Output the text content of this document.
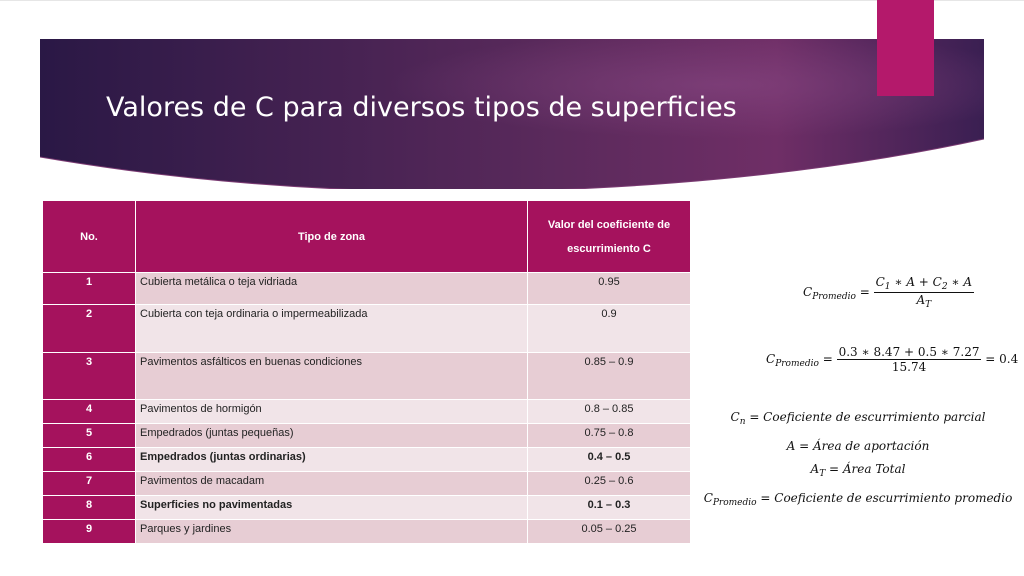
Valores de C para diversos tipos de superficies
No.	Tipo de zona	Valor del coeficiente de escurrimiento C
1	Cubierta metálica o teja vidriada	0.95
2	Cubierta con teja ordinaria o impermeabilizada	0.9
3	Pavimentos asfálticos en buenas condiciones	0.85 – 0.9
4	Pavimentos de hormigón	0.8 – 0.85
5	Empedrados (juntas pequeñas)	0.75 – 0.8
6	Empedrados (juntas ordinarias)	0.4 – 0.5
7	Pavimentos de macadam	0.25 – 0.6
8	Superficies no pavimentadas	0.1 – 0.3
9	Parques y jardines	0.05 – 0.25
$C_{Promedio} = \frac{C_1 ∗ A + C_2 ∗ A}{A_T}$
$C_{Promedio} = \frac{0.3 ∗ 8.47 + 0.5 ∗ 7.27}{15.74} = 0.4$
$C_n$ = Coeficiente de escurrimiento parcial
A = Área de aportación
$A_T$ = Área Total
$C_{Promedio}$ = Coeficiente de escurrimiento promedio
